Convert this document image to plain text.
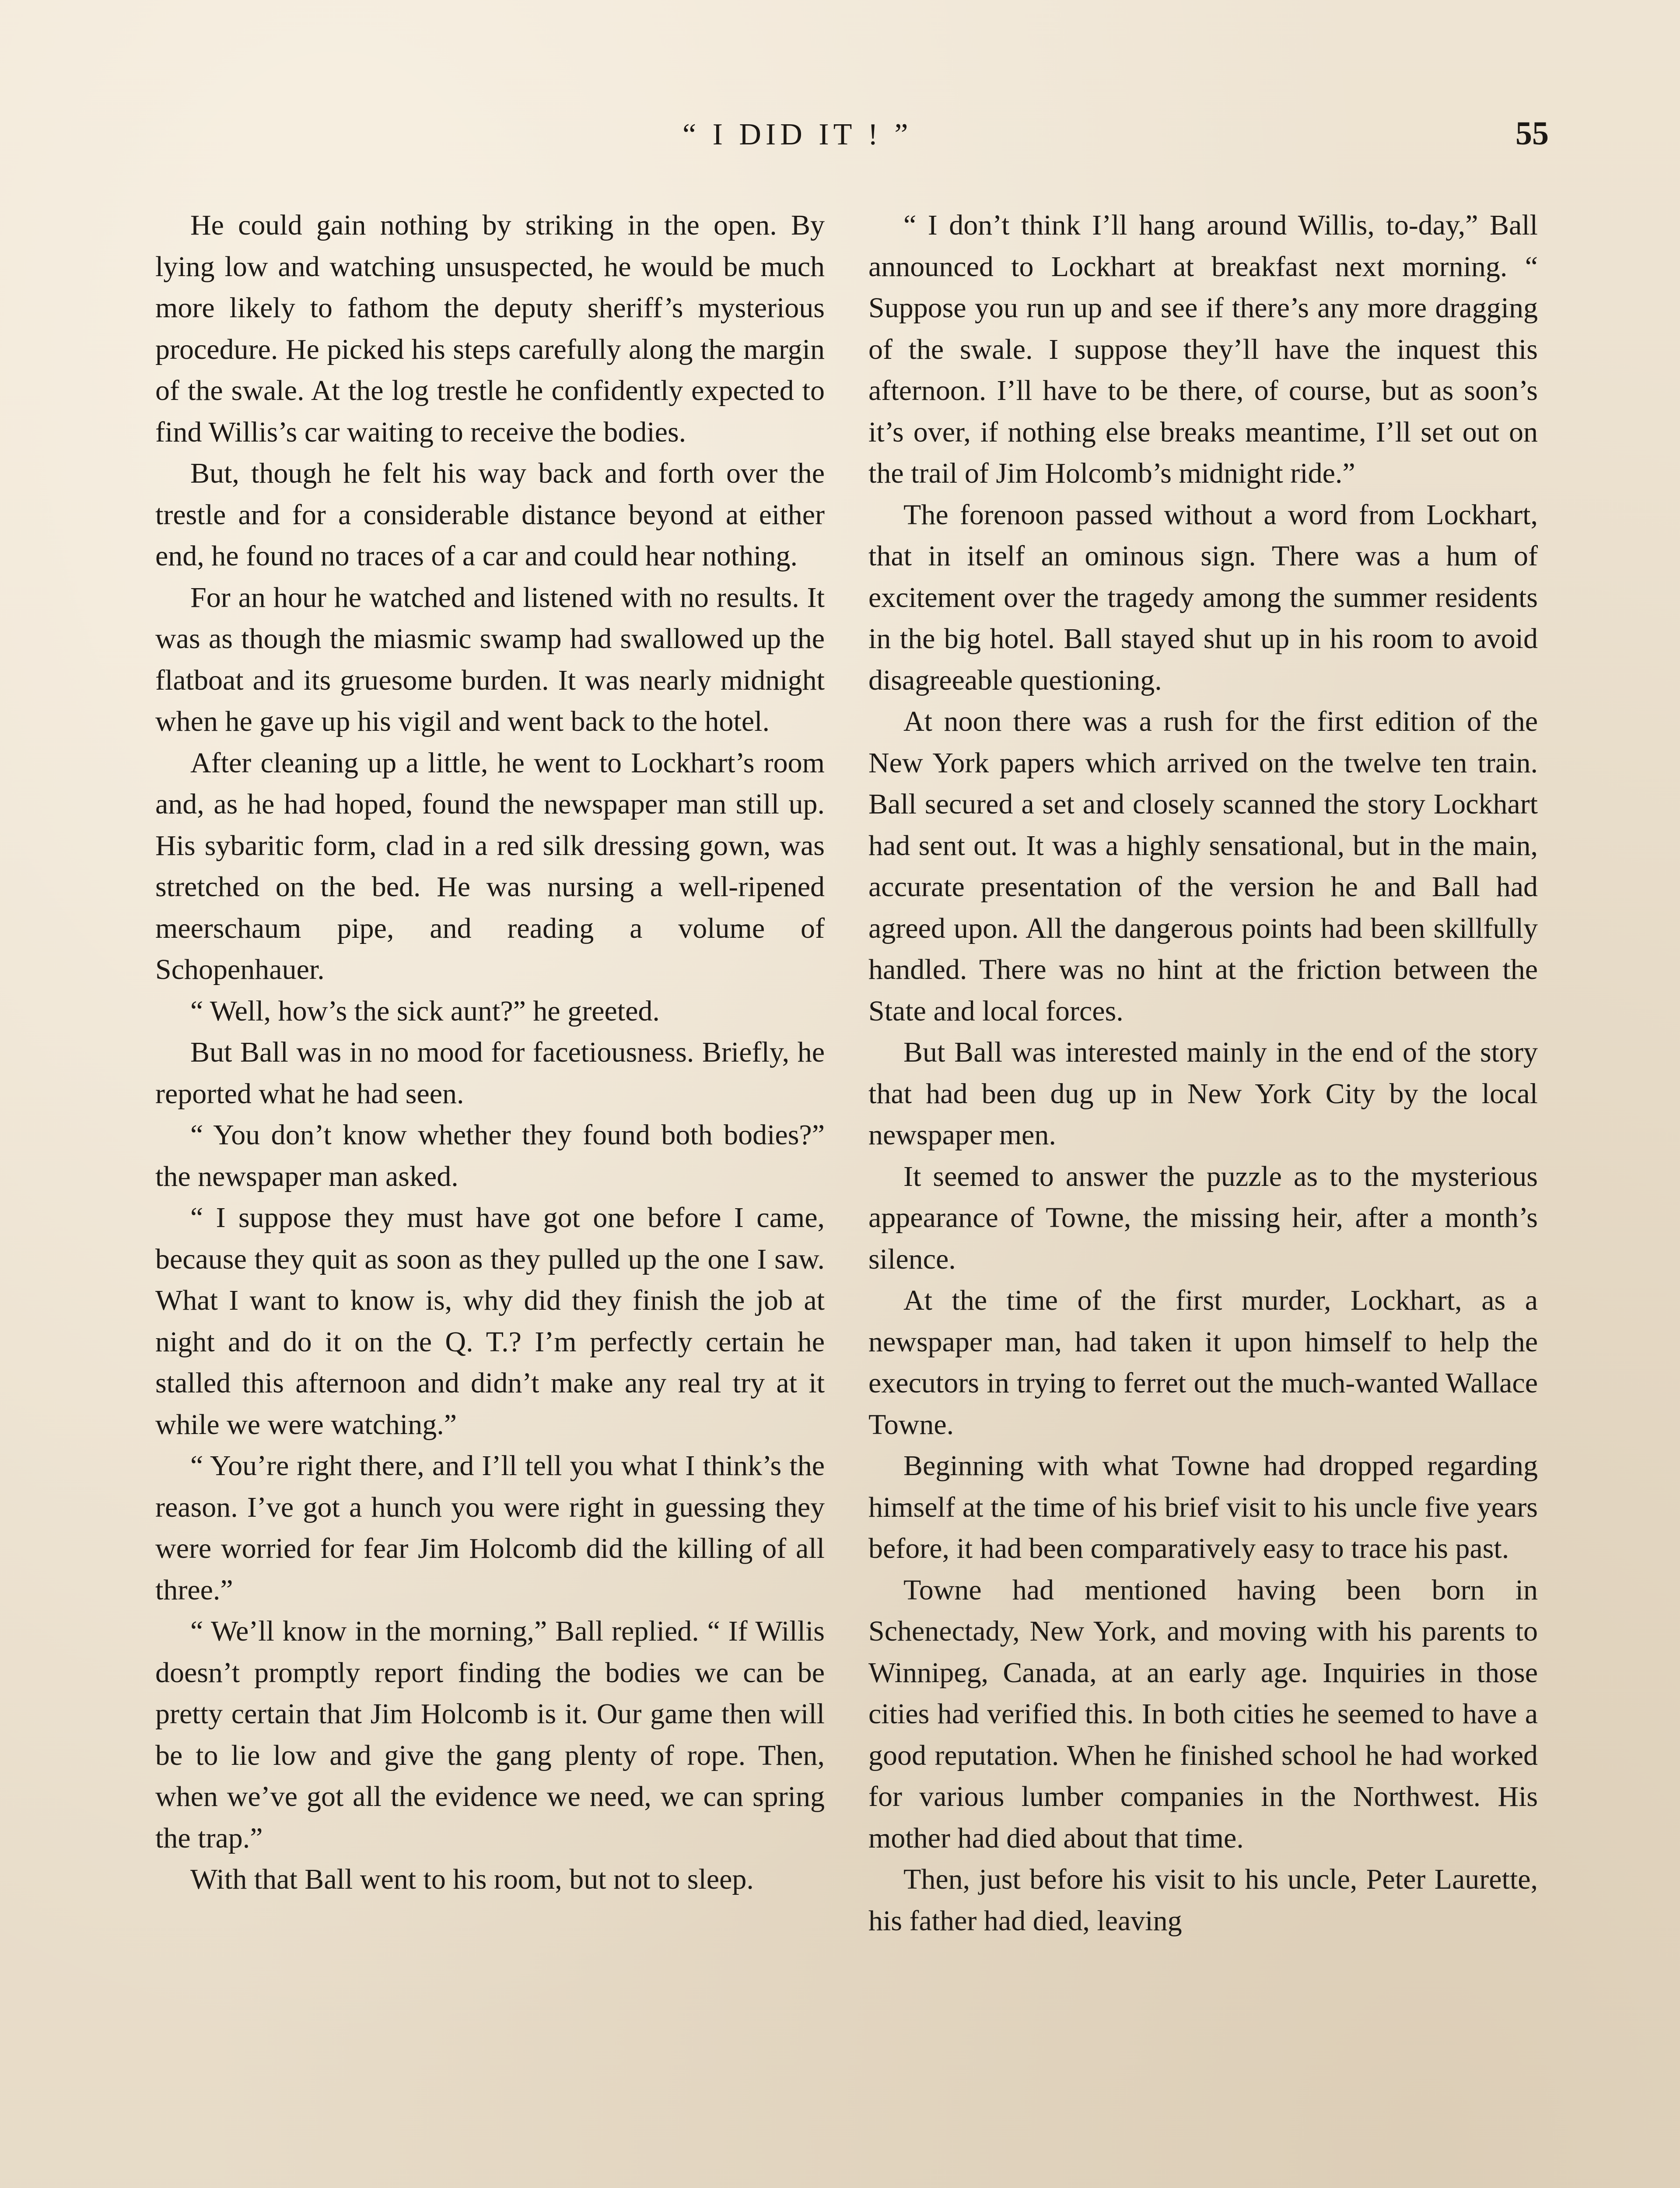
“ I DID IT ! ”	55

He could gain nothing by striking in the open. By lying low and watching unsuspected, he would be much more likely to fathom the deputy sheriff’s mysterious procedure. He picked his steps carefully along the margin of the swale. At the log trestle he confidently expected to find Willis’s car waiting to receive the bodies.

But, though he felt his way back and forth over the trestle and for a considerable distance beyond at either end, he found no traces of a car and could hear nothing.

For an hour he watched and listened with no results. It was as though the miasmic swamp had swallowed up the flatboat and its gruesome burden. It was nearly midnight when he gave up his vigil and went back to the hotel.

After cleaning up a little, he went to Lockhart’s room and, as he had hoped, found the newspaper man still up. His sybaritic form, clad in a red silk dressing gown, was stretched on the bed. He was nursing a well-ripened meerschaum pipe, and reading a volume of Schopenhauer.

“ Well, how’s the sick aunt?” he greeted.

But Ball was in no mood for facetiousness. Briefly, he reported what he had seen.

“ You don’t know whether they found both bodies?” the newspaper man asked.

“ I suppose they must have got one before I came, because they quit as soon as they pulled up the one I saw. What I want to know is, why did they finish the job at night and do it on the Q. T.? I’m perfectly certain he stalled this afternoon and didn’t make any real try at it while we were watching.”

“ You’re right there, and I’ll tell you what I think’s the reason. I’ve got a hunch you were right in guessing they were worried for fear Jim Holcomb did the killing of all three.”

“ We’ll know in the morning,” Ball replied. “ If Willis doesn’t promptly report finding the bodies we can be pretty certain that Jim Holcomb is it. Our game then will be to lie low and give the gang plenty of rope. Then, when we’ve got all the evidence we need, we can spring the trap.”

With that Ball went to his room, but not to sleep.

“ I don’t think I’ll hang around Willis, to-day,” Ball announced to Lockhart at breakfast next morning. “ Suppose you run up and see if there’s any more dragging of the swale. I suppose they’ll have the inquest this afternoon. I’ll have to be there, of course, but as soon’s it’s over, if nothing else breaks meantime, I’ll set out on the trail of Jim Holcomb’s midnight ride.”

The forenoon passed without a word from Lockhart, that in itself an ominous sign. There was a hum of excitement over the tragedy among the summer residents in the big hotel. Ball stayed shut up in his room to avoid disagreeable questioning.

At noon there was a rush for the first edition of the New York papers which arrived on the twelve ten train. Ball secured a set and closely scanned the story Lockhart had sent out. It was a highly sensational, but in the main, accurate presentation of the version he and Ball had agreed upon. All the dangerous points had been skillfully handled. There was no hint at the friction between the State and local forces.

But Ball was interested mainly in the end of the story that had been dug up in New York City by the local newspaper men.

It seemed to answer the puzzle as to the mysterious appearance of Towne, the missing heir, after a month’s silence.

At the time of the first murder, Lockhart, as a newspaper man, had taken it upon himself to help the executors in trying to ferret out the much-wanted Wallace Towne.

Beginning with what Towne had dropped regarding himself at the time of his brief visit to his uncle five years before, it had been comparatively easy to trace his past.

Towne had mentioned having been born in Schenectady, New York, and moving with his parents to Winnipeg, Canada, at an early age. Inquiries in those cities had verified this. In both cities he seemed to have a good reputation. When he finished school he had worked for various lumber companies in the Northwest. His mother had died about that time.

Then, just before his visit to his uncle, Peter Laurette, his father had died, leaving
